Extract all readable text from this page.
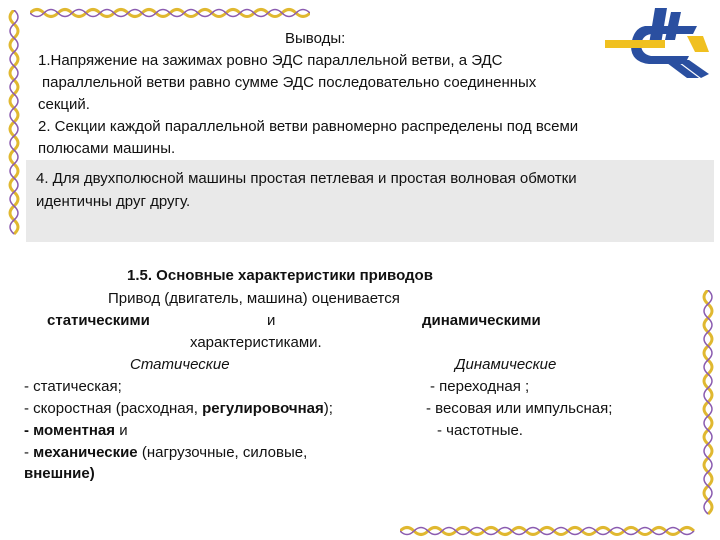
Выводы:
1.Напряжение на зажимах ровно ЭДС параллельной ветви, а ЭДС
параллельной ветви равно сумме ЭДС последовательно соединенных
секций.
2. Секции каждой параллельной ветви равномерно распределены под всеми
полюсами машины.
4. Для двухполюсной машины простая петлевая и простая волновая обмотки
идентичны друг другу.
1.5. Основные характеристики приводов
Привод (двигатель, машина) оценивается
статическими	и	динамическими
характеристиками.
Статические	Динамические
- статическая;
- скоростная (расходная, регулировочная);
- моментная и
- механические (нагрузочные, силовые,
внешние)
- переходная ;
- весовая или импульсная;
- частотные.
